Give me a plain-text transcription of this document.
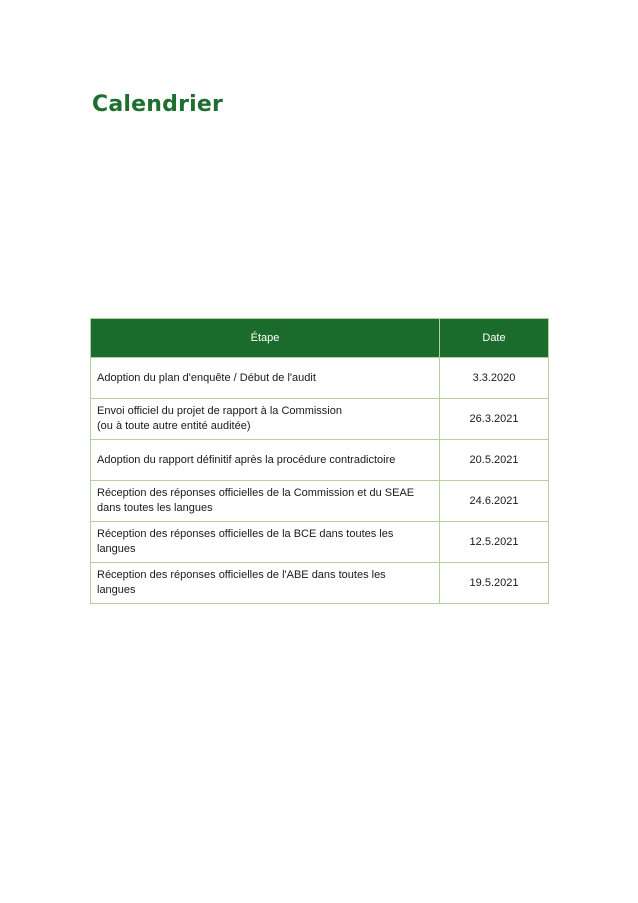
Calendrier
Étape	Date

Adoption du plan d'enquête / Début de l'audit	3.3.2020

Envoi officiel du projet de rapport à la Commission
(ou à toute autre entité auditée)	26.3.2021

Adoption du rapport définitif après la procédure contradictoire	20.5.2021

Réception des réponses officielles de la Commission et du SEAE
dans toutes les langues	24.6.2021

Réception des réponses officielles de la BCE dans toutes les
langues	12.5.2021

Réception des réponses officielles de l'ABE dans toutes les
langues	19.5.2021
